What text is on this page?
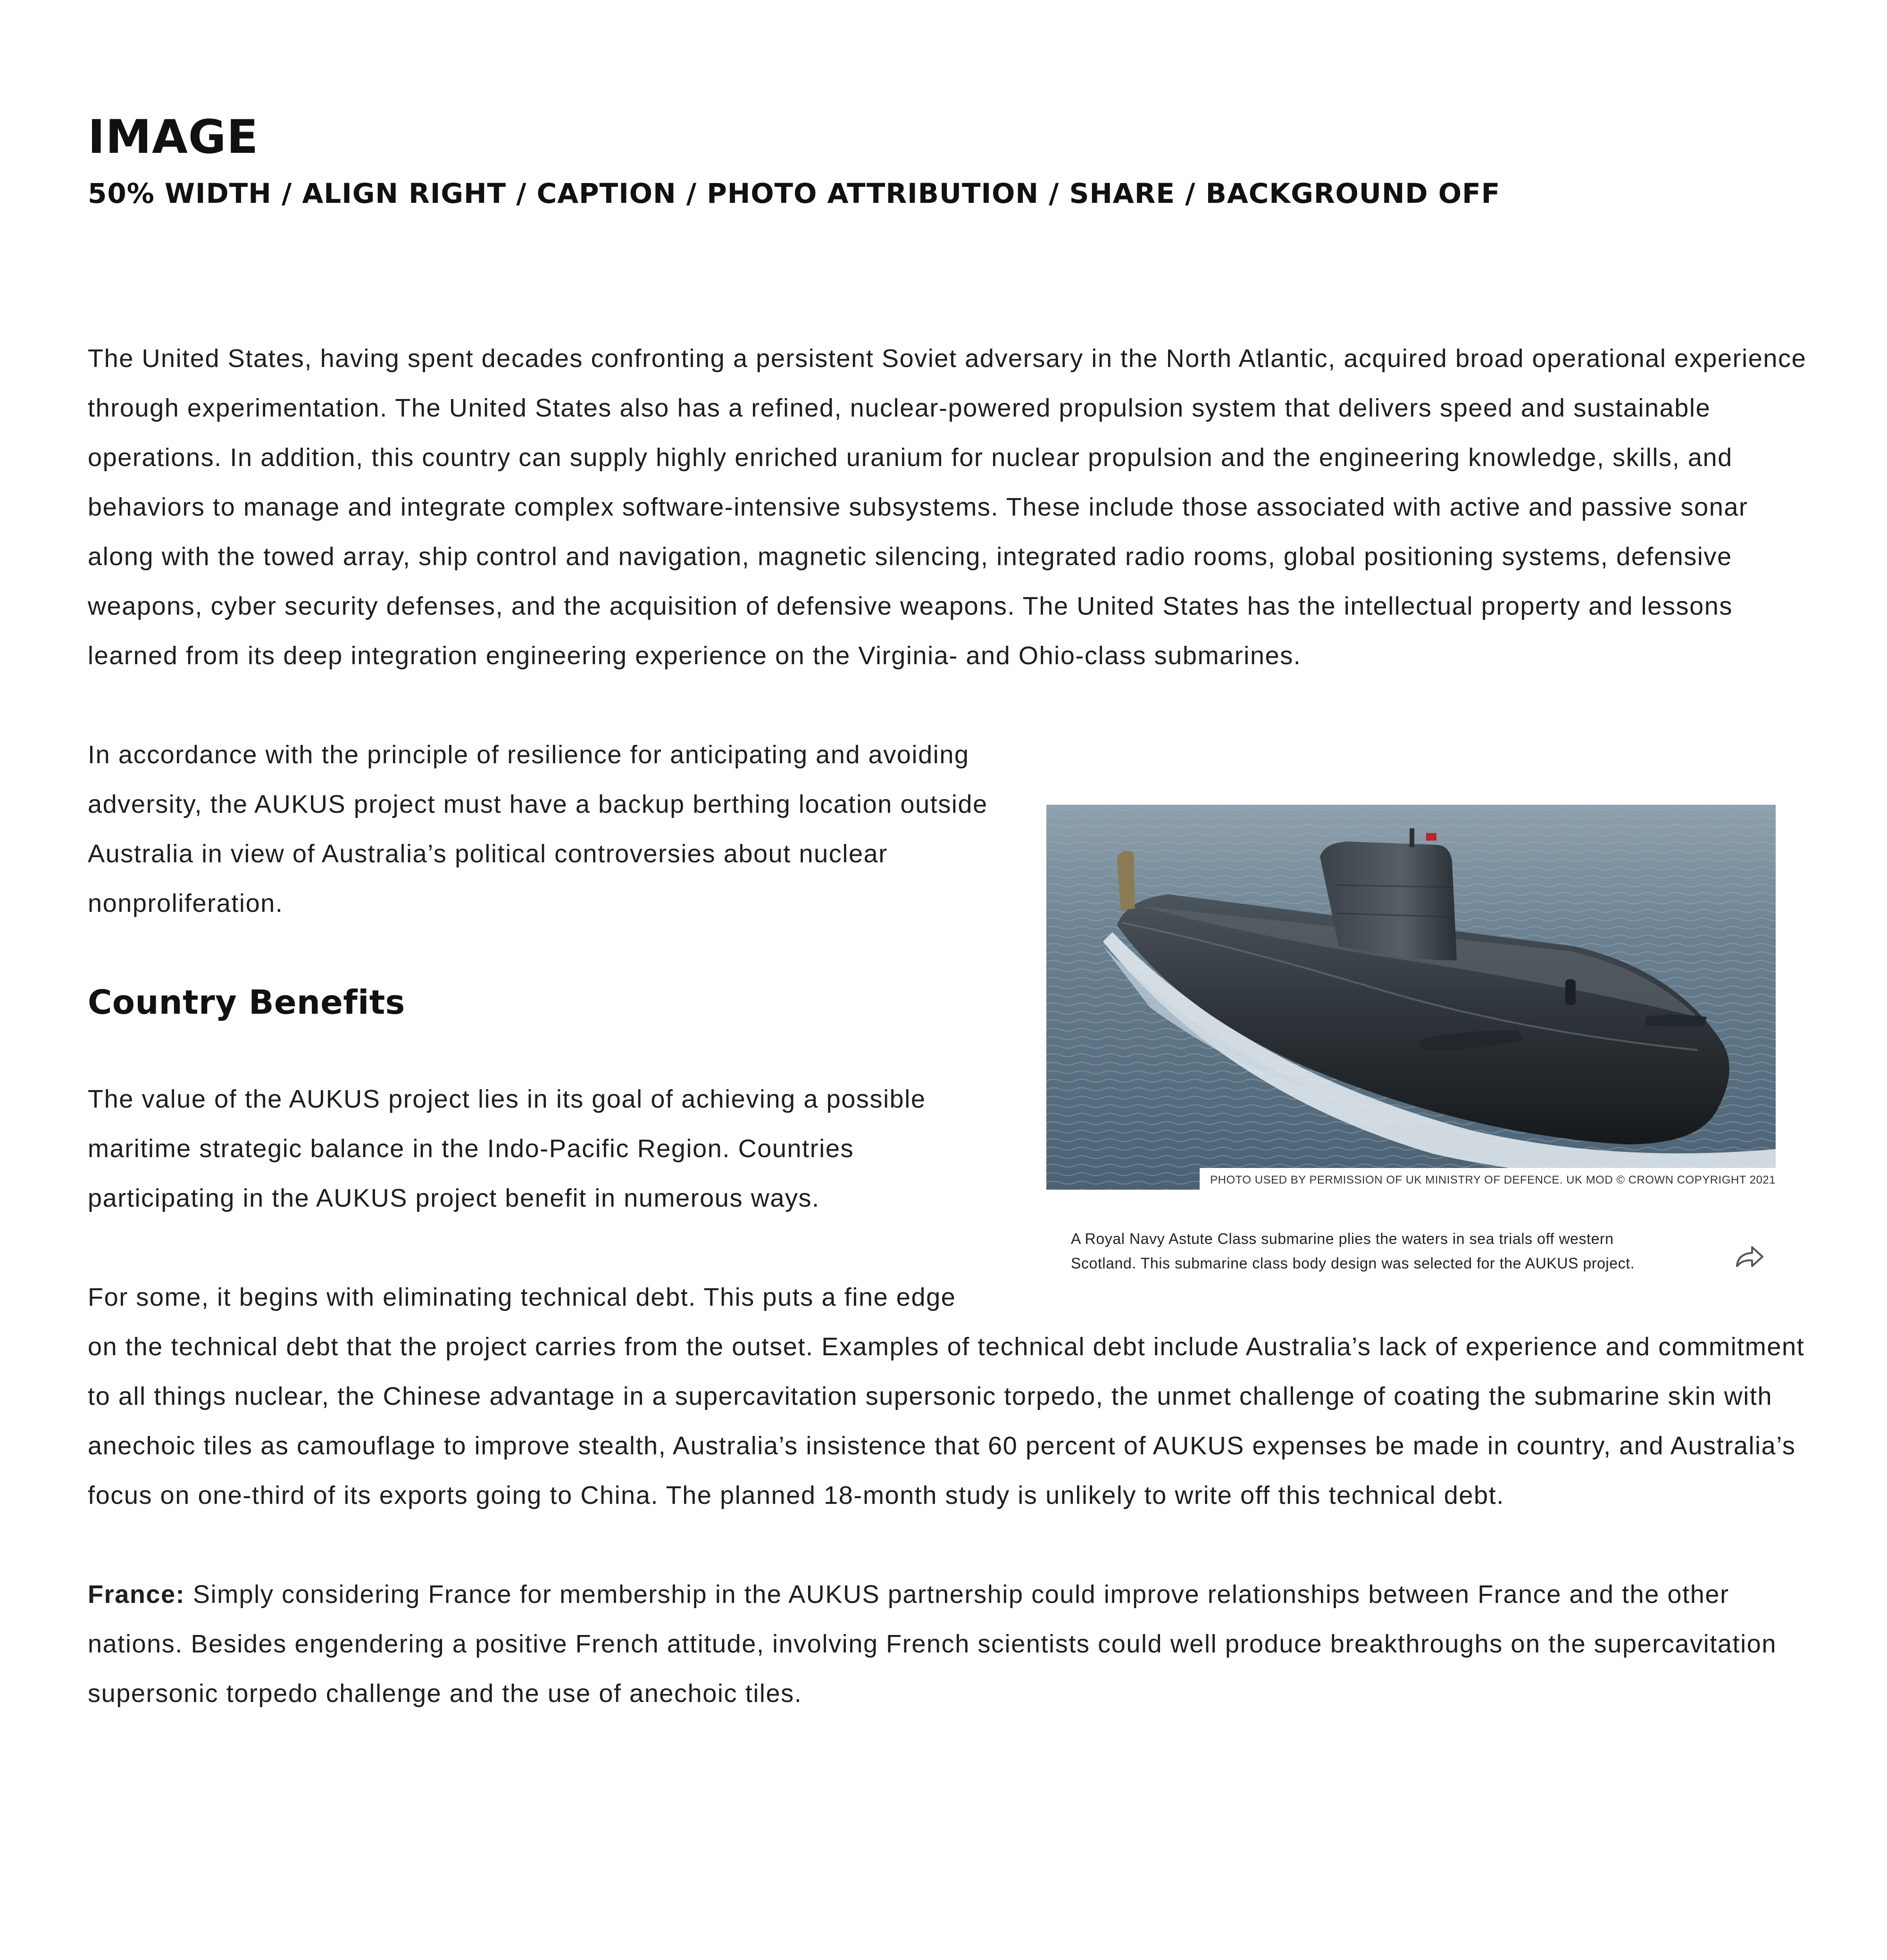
IMAGE
50% WIDTH / ALIGN RIGHT / CAPTION / PHOTO ATTRIBUTION / SHARE / BACKGROUND OFF

The United States, having spent decades confronting a persistent Soviet adversary in the North Atlantic, acquired broad operational experience through experimentation. The United States also has a refined, nuclear-powered propulsion system that delivers speed and sustainable operations. In addition, this country can supply highly enriched uranium for nuclear propulsion and the engineering knowledge, skills, and behaviors to manage and integrate complex software-intensive subsystems. These include those associated with active and passive sonar along with the towed array, ship control and navigation, magnetic silencing, integrated radio rooms, global positioning systems, defensive weapons, cyber security defenses, and the acquisition of defensive weapons. The United States has the intellectual property and lessons learned from its deep integration engineering experience on the Virginia- and Ohio-class submarines.

PHOTO USED BY PERMISSION OF UK MINISTRY OF DEFENCE. UK MOD © CROWN COPYRIGHT 2021

A Royal Navy Astute Class submarine plies the waters in sea trials off western Scotland. This submarine class body design was selected for the AUKUS project.

In accordance with the principle of resilience for anticipating and avoiding adversity, the AUKUS project must have a backup berthing location outside Australia in view of Australia’s political controversies about nuclear nonproliferation.

Country Benefits

The value of the AUKUS project lies in its goal of achieving a possible maritime strategic balance in the Indo-Pacific Region. Countries participating in the AUKUS project benefit in numerous ways.

For some, it begins with eliminating technical debt. This puts a fine edge on the technical debt that the project carries from the outset. Examples of technical debt include Australia’s lack of experience and commitment to all things nuclear, the Chinese advantage in a supercavitation supersonic torpedo, the unmet challenge of coating the submarine skin with anechoic tiles as camouflage to improve stealth, Australia’s insistence that 60 percent of AUKUS expenses be made in country, and Australia’s focus on one-third of its exports going to China. The planned 18-month study is unlikely to write off this technical debt.

France: Simply considering France for membership in the AUKUS partnership could improve relationships between France and the other nations. Besides engendering a positive French attitude, involving French scientists could well produce breakthroughs on the supercavitation supersonic torpedo challenge and the use of anechoic tiles.
